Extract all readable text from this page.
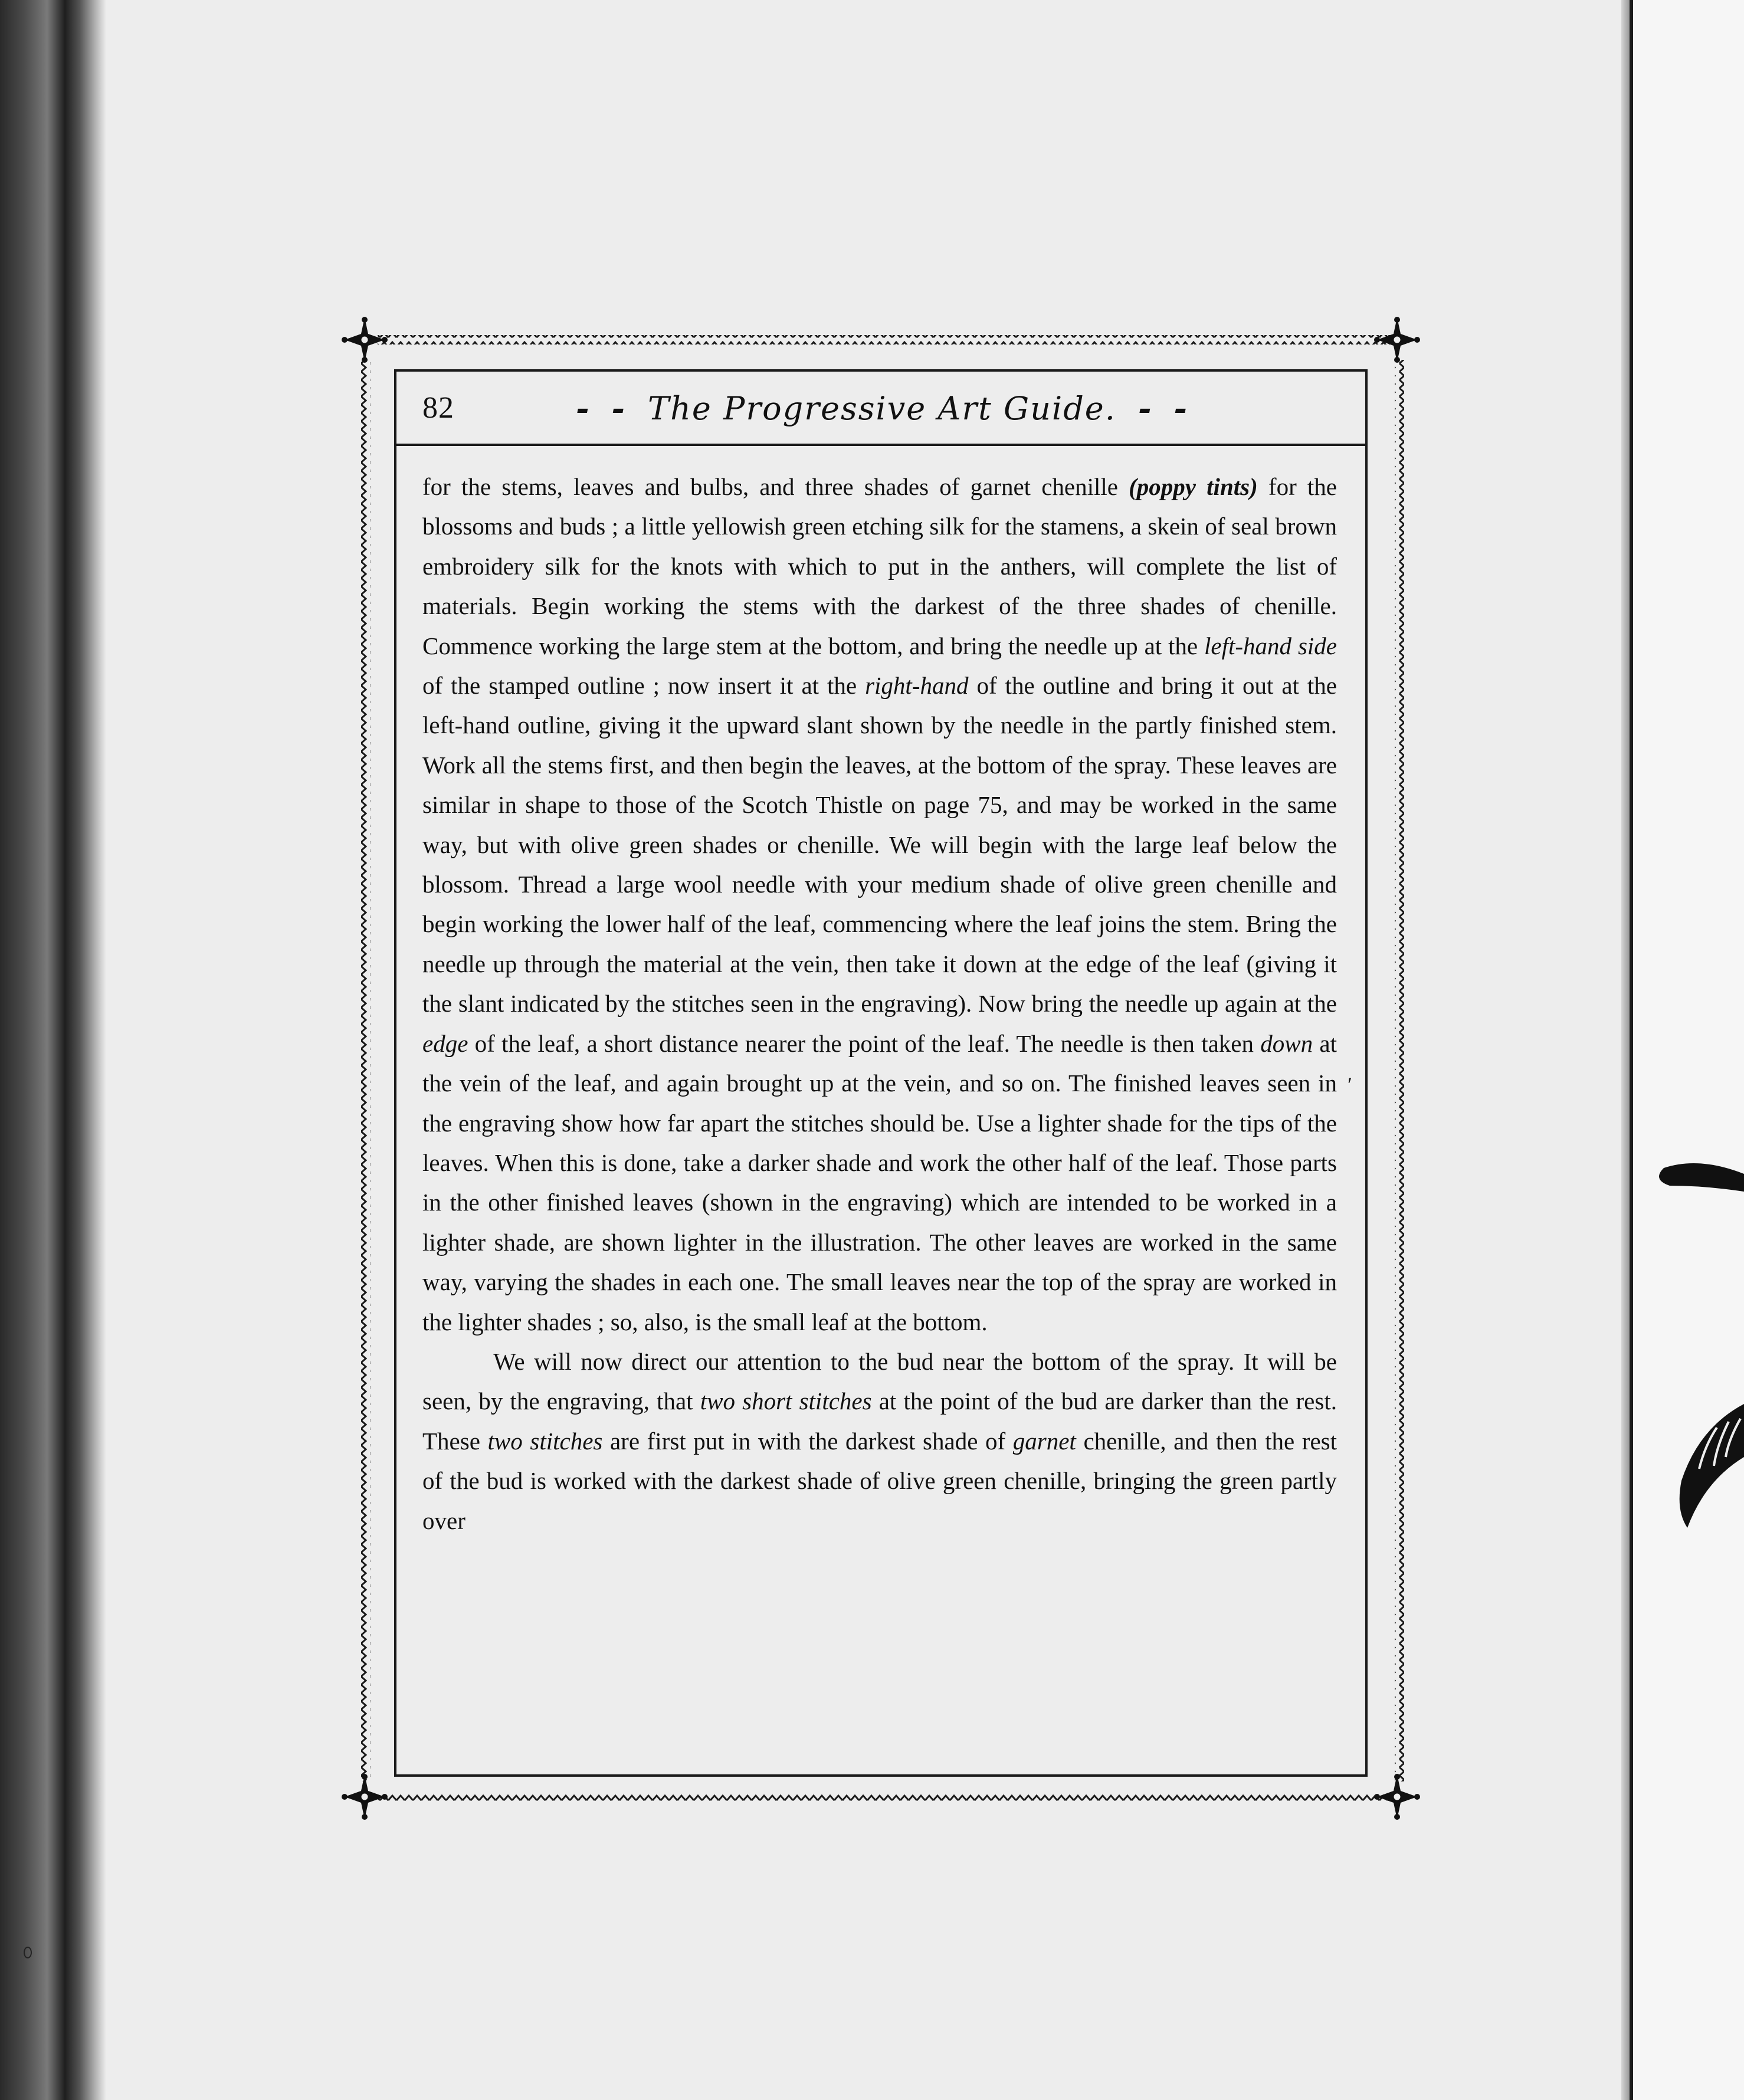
82	- - The Progressive Art Guide. - -

for the stems, leaves and bulbs, and three shades of garnet chenille (poppy tints) for the blossoms and buds ; a little yellowish green etching silk for the stamens, a skein of seal brown embroidery silk for the knots with which to put in the anthers, will complete the list of materials. Begin working the stems with the darkest of the three shades of chenille. Commence working the large stem at the bottom, and bring the needle up at the left-hand side of the stamped outline ; now insert it at the right-hand of the outline and bring it out at the left-hand outline, giving it the upward slant shown by the needle in the partly finished stem. Work all the stems first, and then begin the leaves, at the bottom of the spray. These leaves are similar in shape to those of the Scotch Thistle on page 75, and may be worked in the same way, but with olive green shades or chenille. We will begin with the large leaf below the blossom. Thread a large wool needle with your medium shade of olive green chenille and begin working the lower half of the leaf, commencing where the leaf joins the stem. Bring the needle up through the material at the vein, then take it down at the edge of the leaf (giving it the slant indicated by the stitches seen in the engraving). Now bring the needle up again at the edge of the leaf, a short distance nearer the point of the leaf. The needle is then taken down at the vein of the leaf, and again brought up at the vein, and so on. The finished leaves seen in the engraving show how far apart the stitches should be. Use a lighter shade for the tips of the leaves. When this is done, take a darker shade and work the other half of the leaf. Those parts in the other finished leaves (shown in the engraving) which are intended to be worked in a lighter shade, are shown lighter in the illustration. The other leaves are worked in the same way, varying the shades in each one. The small leaves near the top of the spray are worked in the lighter shades ; so, also, is the small leaf at the bottom.

We will now direct our attention to the bud near the bottom of the spray. It will be seen, by the engraving, that two short stitches at the point of the bud are darker than the rest. These two stitches are first put in with the darkest shade of garnet chenille, and then the rest of the bud is worked with the darkest shade of olive green chenille, bringing the green partly over

′
